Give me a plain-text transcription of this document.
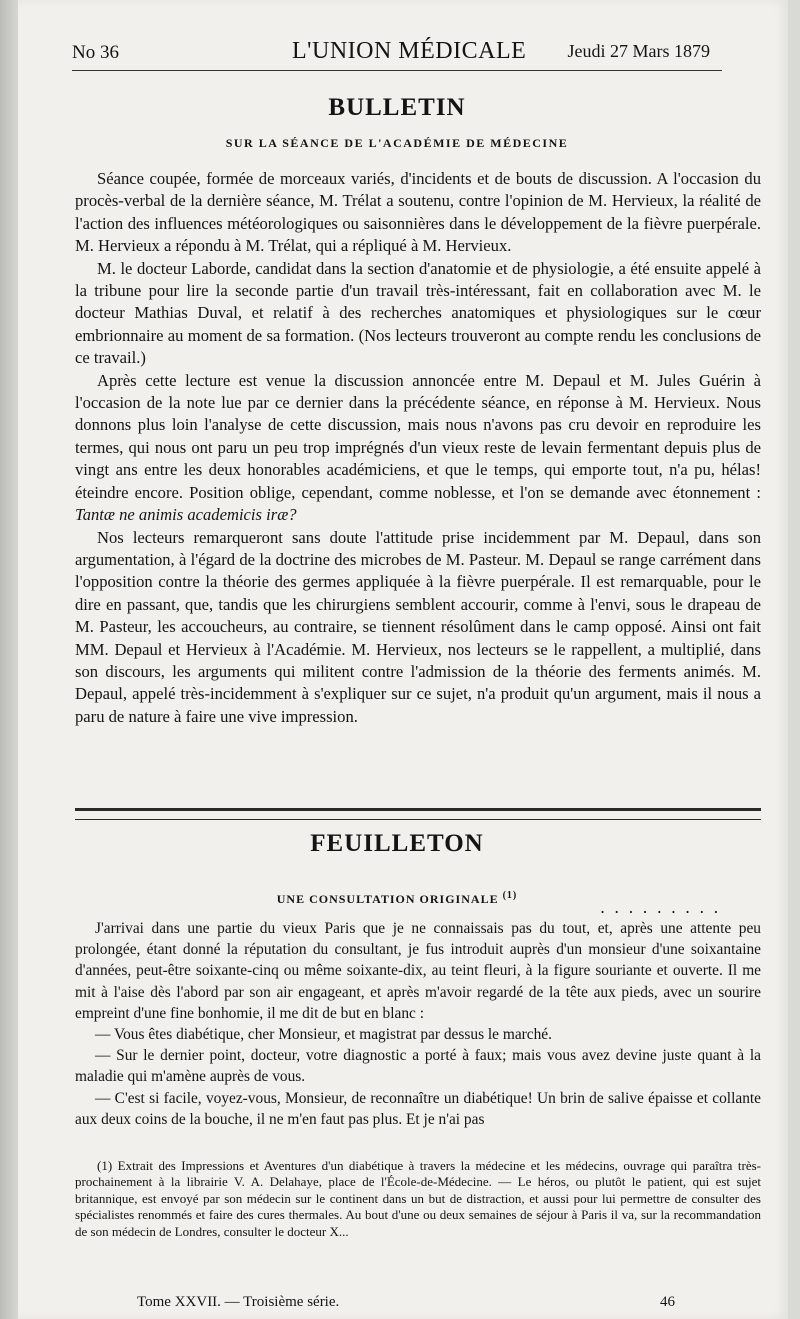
No 36	L'UNION MÉDICALE Jeudi 27 Mars 1879
BULLETIN
SUR LA SÉANCE DE L'ACADÉMIE DE MÉDECINE

Séance coupée, formée de morceaux variés, d'incidents et de bouts de discussion. A l'occasion du procès-verbal de la dernière séance, M. Trélat a soutenu, contre l'opinion de M. Hervieux, la réalité de l'action des influences météorologiques ou saisonnières dans le développement de la fièvre puerpérale. M. Hervieux a répondu à M. Trélat, qui a répliqué à M. Hervieux.

M. le docteur Laborde, candidat dans la section d'anatomie et de physiologie, a été ensuite appelé à la tribune pour lire la seconde partie d'un travail très-intéressant, fait en collaboration avec M. le docteur Mathias Duval, et relatif à des recherches anatomiques et physiologiques sur le cœur embrionnaire au moment de sa formation. (Nos lecteurs trouveront au compte rendu les conclusions de ce travail.)

Après cette lecture est venue la discussion annoncée entre M. Depaul et M. Jules Guérin à l'occasion de la note lue par ce dernier dans la précédente séance, en réponse à M. Hervieux. Nous donnons plus loin l'analyse de cette discussion, mais nous n'avons pas cru devoir en reproduire les termes, qui nous ont paru un peu trop imprégnés d'un vieux reste de levain fermentant depuis plus de vingt ans entre les deux honorables académiciens, et que le temps, qui emporte tout, n'a pu, hélas! éteindre encore. Position oblige, cependant, comme noblesse, et l'on se demande avec étonnement : Tantæ ne animis academicis iræ?

Nos lecteurs remarqueront sans doute l'attitude prise incidemment par M. Depaul, dans son argumentation, à l'égard de la doctrine des microbes de M. Pasteur. M. Depaul se range carrément dans l'opposition contre la théorie des germes appliquée à la fièvre puerpérale. Il est remarquable, pour le dire en passant, que, tandis que les chirurgiens semblent accourir, comme à l'envi, sous le drapeau de M. Pasteur, les accoucheurs, au contraire, se tiennent résolûment dans le camp opposé. Ainsi ont fait MM. Depaul et Hervieux à l'Académie. M. Hervieux, nos lecteurs se le rappellent, a multiplié, dans son discours, les arguments qui militent contre l'admission de la théorie des ferments animés. M. Depaul, appelé très-incidemment à s'expliquer sur ce sujet, n'a produit qu'un argument, mais il nous a paru de nature à faire une vive impression.

FEUILLETON
UNE CONSULTATION ORIGINALE $^{(1)}$
. . . . . . . . .

J'arrivai dans une partie du vieux Paris que je ne connaissais pas du tout, et, après une attente peu prolongée, étant donné la réputation du consultant, je fus introduit auprès d'un monsieur d'une soixantaine d'années, peut-être soixante-cinq ou même soixante-dix, au teint fleuri, à la figure souriante et ouverte. Il me mit à l'aise dès l'abord par son air engageant, et après m'avoir regardé de la tête aux pieds, avec un sourire empreint d'une fine bonhomie, il me dit de but en blanc :

— Vous êtes diabétique, cher Monsieur, et magistrat par dessus le marché.

— Sur le dernier point, docteur, votre diagnostic a porté à faux; mais vous avez devine juste quant à la maladie qui m'amène auprès de vous.

— C'est si facile, voyez-vous, Monsieur, de reconnaître un diabétique! Un brin de salive épaisse et collante aux deux coins de la bouche, il ne m'en faut pas plus. Et je n'ai pas

(1) Extrait des Impressions et Aventures d'un diabétique à travers la médecine et les médecins, ouvrage qui paraîtra très-prochainement à la librairie V. A. Delahaye, place de l'École-de-Médecine. — Le héros, ou plutôt le patient, qui est sujet britannique, est envoyé par son médecin sur le continent dans un but de distraction, et aussi pour lui permettre de consulter des spécialistes renommés et faire des cures thermales. Au bout d'une ou deux semaines de séjour à Paris il va, sur la recommandation de son médecin de Londres, consulter le docteur X...

Tome XXVII. — Troisième série.	46
